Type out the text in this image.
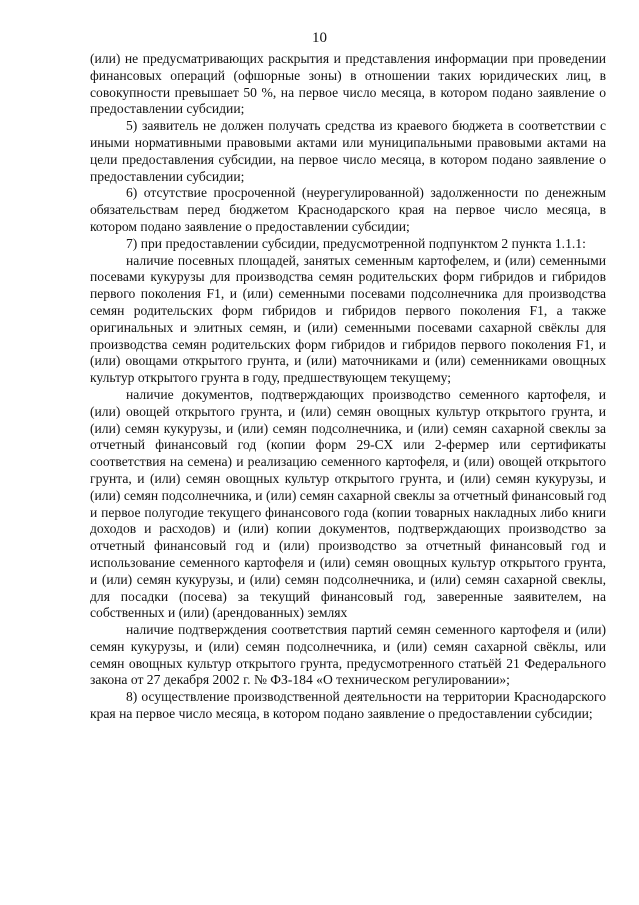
10

(или) не предусматривающих раскрытия и представления информации при проведении финансовых операций (офшорные зоны) в отношении таких юридических лиц, в совокупности превышает 50 %, на первое число месяца, в котором подано заявление о предоставлении субсидии;

5) заявитель не должен получать средства из краевого бюджета в соответствии с иными нормативными правовыми актами или муниципальными правовыми актами на цели предоставления субсидии, на первое число месяца, в котором подано заявление о предоставлении субсидии;

6) отсутствие просроченной (неурегулированной) задолженности по денежным обязательствам перед бюджетом Краснодарского края на первое число месяца, в котором подано заявление о предоставлении субсидии;

7) при предоставлении субсидии, предусмотренной подпунктом 2 пункта 1.1.1:

наличие посевных площадей, занятых семенным картофелем, и (или) семенными посевами кукурузы для производства семян родительских форм гибридов и гибридов первого поколения F1, и (или) семенными посевами подсолнечника для производства семян родительских форм гибридов и гибридов первого поколения F1, а также оригинальных и элитных семян, и (или) семенными посевами сахарной свёклы для производства семян родительских форм гибридов и гибридов первого поколения F1, и (или) овощами открытого грунта, и (или) маточниками и (или) семенниками овощных культур открытого грунта в году, предшествующем текущему;

наличие документов, подтверждающих производство семенного картофеля, и (или) овощей открытого грунта, и (или) семян овощных культур открытого грунта, и (или) семян кукурузы, и (или) семян подсолнечника, и (или) семян сахарной свеклы за отчетный финансовый год (копии форм 29-СХ или 2-фермер или сертификаты соответствия на семена) и реализацию семенного картофеля, и (или) овощей открытого грунта, и (или) семян овощных культур открытого грунта, и (или) семян кукурузы, и (или) семян подсолнечника, и (или) семян сахарной свеклы за отчетный финансовый год и первое полугодие текущего финансового года (копии товарных накладных либо книги доходов и расходов) и (или) копии документов, подтверждающих производство за отчетный финансовый год и (или) производство за отчетный финансовый год и использование семенного картофеля и (или) семян овощных культур открытого грунта, и (или) семян кукурузы, и (или) семян подсолнечника, и (или) семян сахарной свеклы, для посадки (посева) за текущий финансовый год, заверенные заявителем, на собственных и (или) (арендованных) землях

наличие подтверждения соответствия партий семян семенного картофеля и (или) семян кукурузы, и (или) семян подсолнечника, и (или) семян сахарной свёклы, или семян овощных культур открытого грунта, предусмотренного статьёй 21 Федерального закона от 27 декабря 2002 г. № ФЗ-184 «О техническом регулировании»;

8) осуществление производственной деятельности на территории Краснодарского края на первое число месяца, в котором подано заявление о предоставлении субсидии;
